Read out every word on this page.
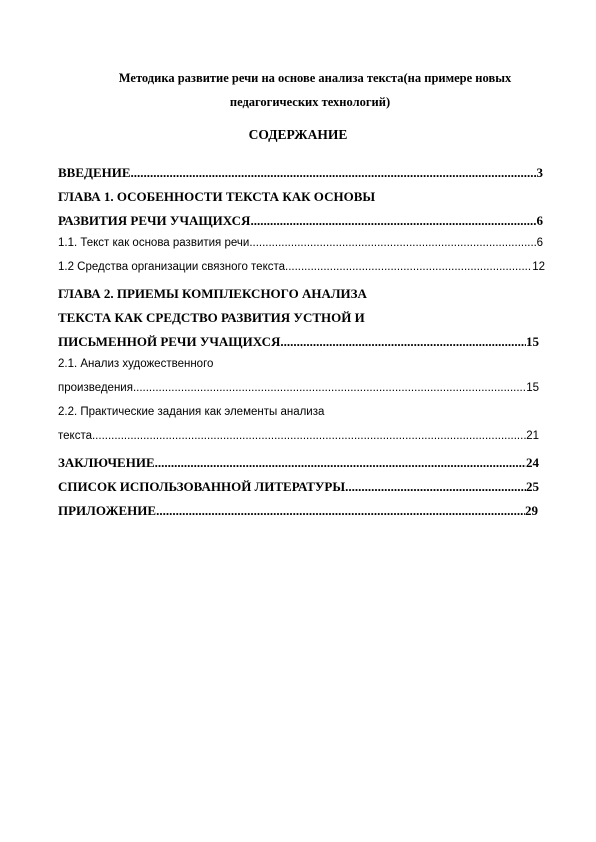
Методика развитие речи на основе анализа текста(на примере новых
педагогических технологий)
СОДЕРЖАНИЕ
ВВЕДЕНИЕ .....	3
ГЛАВА 1. ОСОБЕННОСТИ ТЕКСТА КАК ОСНОВЫ
РАЗВИТИЯ РЕЧИ УЧАЩИХСЯ .....	6
1.1. Текст как основа развития речи .....	6
1.2 Средства организации связного текста .....	12
ГЛАВА 2. ПРИЕМЫ КОМПЛЕКСНОГО АНАЛИЗА
ТЕКСТА КАК СРЕДСТВО РАЗВИТИЯ УСТНОЙ И
ПИСЬМЕННОЙ РЕЧИ УЧАЩИХСЯ .....	15
2.1. Анализ художественного
произведения .....	15
2.2. Практические задания как элементы анализа
текста .....	21
ЗАКЛЮЧЕНИЕ .....	24
СПИСОК ИСПОЛЬЗОВАННОЙ ЛИТЕРАТУРЫ .....	25
ПРИЛОЖЕНИЕ .....	29
